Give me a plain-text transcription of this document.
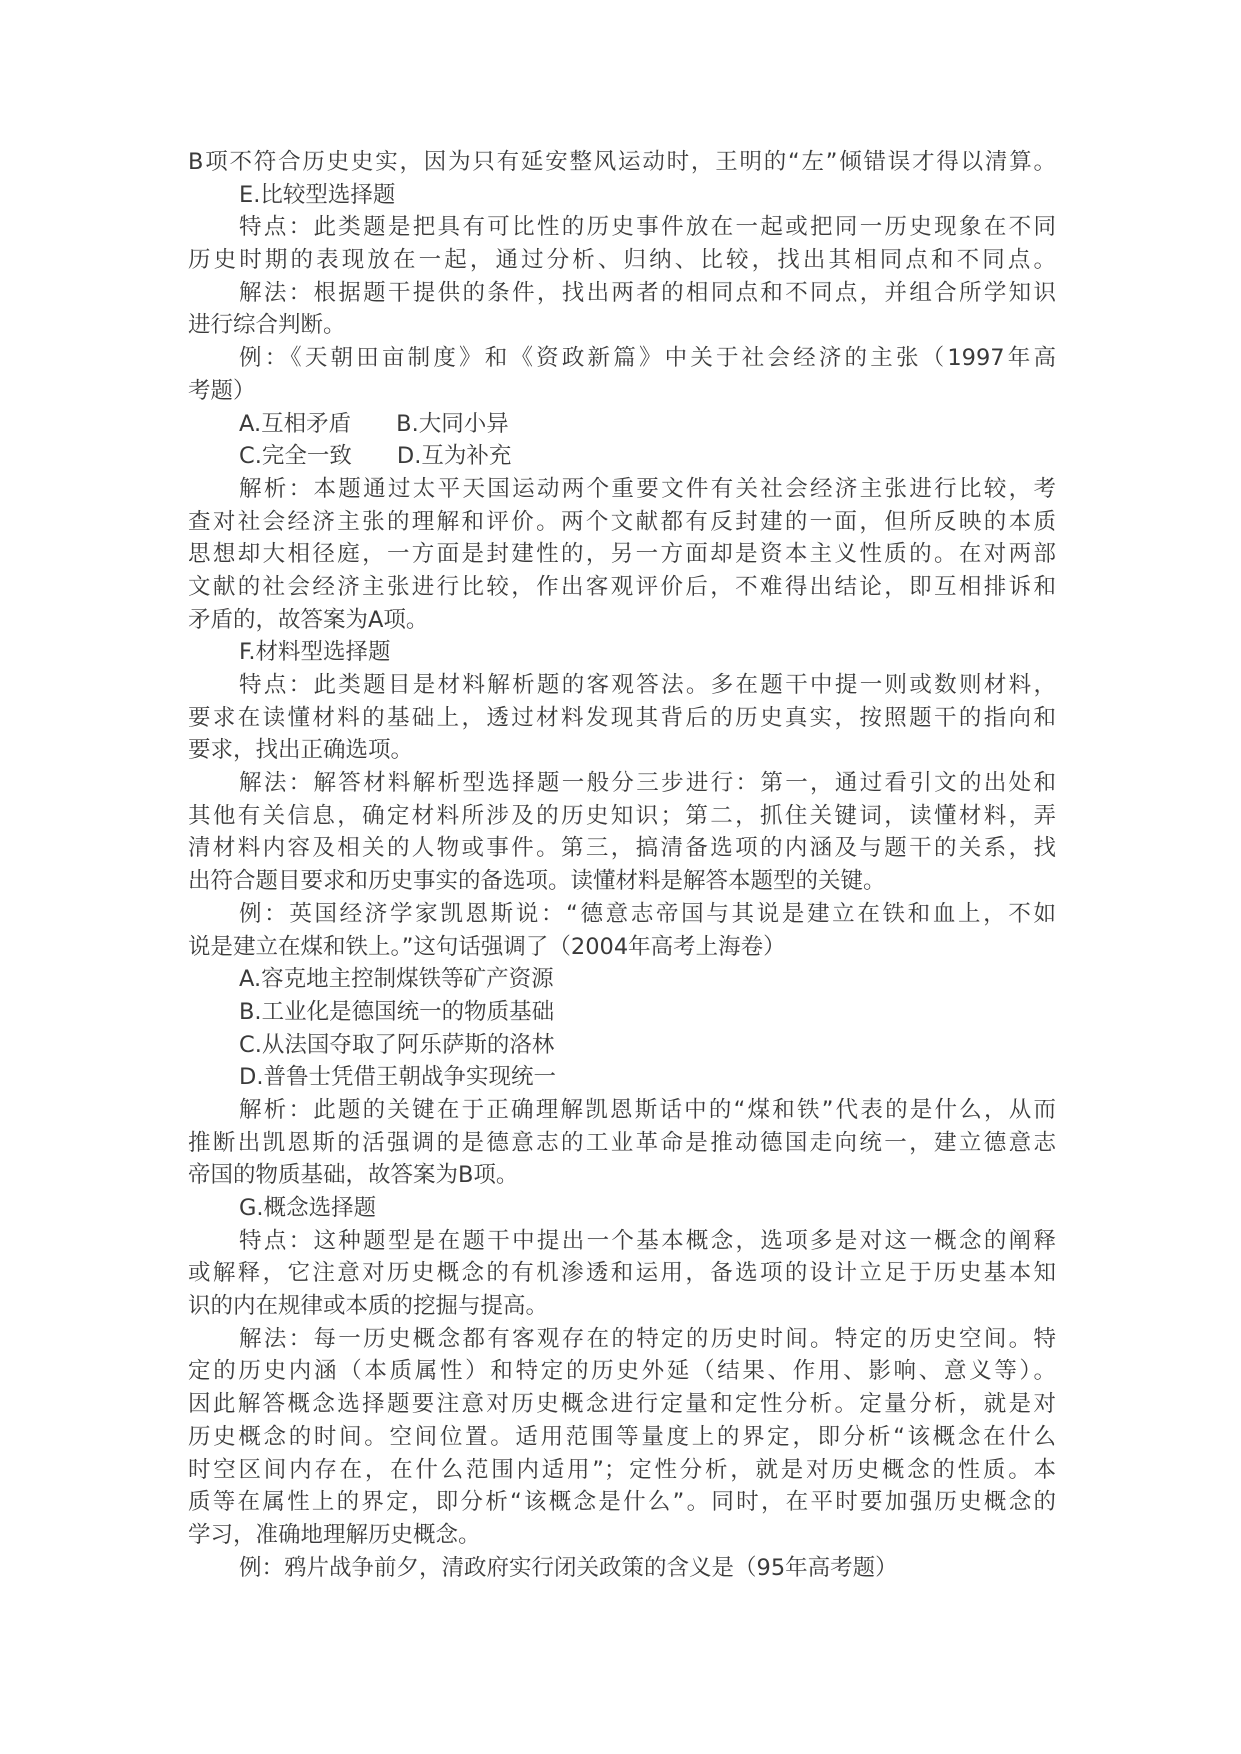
B项不符合历史史实，因为只有延安整风运动时，王明的“左”倾错误才得以清算。
E.比较型选择题
特点：此类题是把具有可比性的历史事件放在一起或把同一历史现象在不同
历史时期的表现放在一起，通过分析、归纳、比较，找出其相同点和不同点。
解法：根据题干提供的条件，找出两者的相同点和不同点，并组合所学知识
进行综合判断。
例：《天朝田亩制度》和《资政新篇》中关于社会经济的主张（1997年高
考题）
A.互相矛盾　　B.大同小异
C.完全一致　　D.互为补充
解析：本题通过太平天国运动两个重要文件有关社会经济主张进行比较，考
查对社会经济主张的理解和评价。两个文献都有反封建的一面，但所反映的本质
思想却大相径庭，一方面是封建性的，另一方面却是资本主义性质的。在对两部
文献的社会经济主张进行比较，作出客观评价后，不难得出结论，即互相排诉和
矛盾的，故答案为A项。
F.材料型选择题
特点：此类题目是材料解析题的客观答法。多在题干中提一则或数则材料，
要求在读懂材料的基础上，透过材料发现其背后的历史真实，按照题干的指向和
要求，找出正确选项。
解法：解答材料解析型选择题一般分三步进行：第一，通过看引文的出处和
其他有关信息，确定材料所涉及的历史知识；第二，抓住关键词，读懂材料，弄
清材料内容及相关的人物或事件。第三，搞清备选项的内涵及与题干的关系，找
出符合题目要求和历史事实的备选项。读懂材料是解答本题型的关键。
例：英国经济学家凯恩斯说：“德意志帝国与其说是建立在铁和血上，不如
说是建立在煤和铁上。”这句话强调了（2004年高考上海卷）
A.容克地主控制煤铁等矿产资源
B.工业化是德国统一的物质基础
C.从法国夺取了阿乐萨斯的洛林
D.普鲁士凭借王朝战争实现统一
解析：此题的关键在于正确理解凯恩斯话中的“煤和铁”代表的是什么，从而
推断出凯恩斯的活强调的是德意志的工业革命是推动德国走向统一，建立德意志
帝国的物质基础，故答案为B项。
G.概念选择题
特点：这种题型是在题干中提出一个基本概念，选项多是对这一概念的阐释
或解释，它注意对历史概念的有机渗透和运用，备选项的设计立足于历史基本知
识的内在规律或本质的挖掘与提高。
解法：每一历史概念都有客观存在的特定的历史时间。特定的历史空间。特
定的历史内涵（本质属性）和特定的历史外延（结果、作用、影响、意义等）。
因此解答概念选择题要注意对历史概念进行定量和定性分析。定量分析，就是对
历史概念的时间。空间位置。适用范围等量度上的界定，即分析“该概念在什么
时空区间内存在，在什么范围内适用”；定性分析，就是对历史概念的性质。本
质等在属性上的界定，即分析“该概念是什么”。同时，在平时要加强历史概念的
学习，准确地理解历史概念。
例：鸦片战争前夕，清政府实行闭关政策的含义是（95年高考题）
